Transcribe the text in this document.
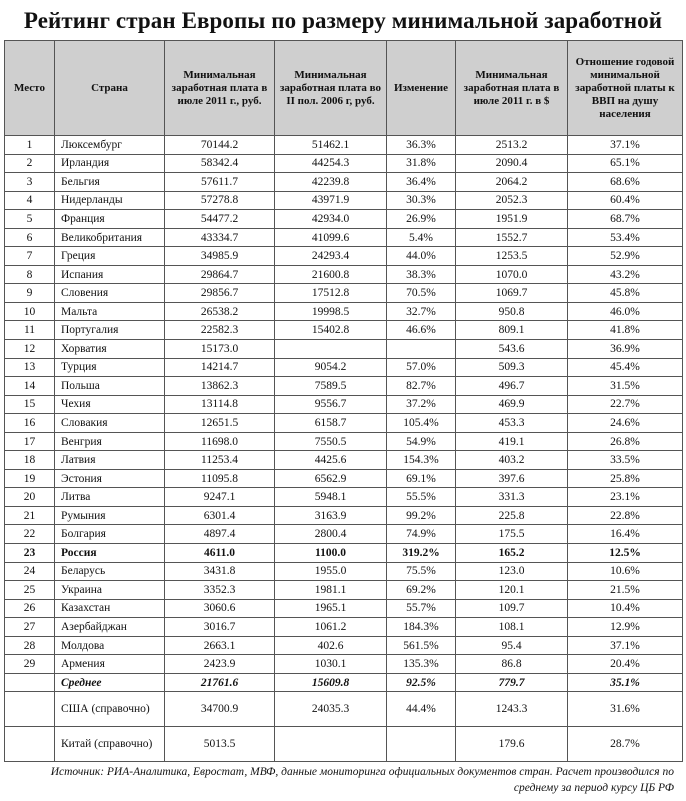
Рейтинг стран Европы по размеру минимальной заработной
Место	Страна	Минимальная заработная плата в июле 2011 г., руб.	Минимальная заработная плата во II пол. 2006 г, руб.	Изменение	Минимальная заработная плата в июле 2011 г. в $	Отношение годовой минимальной заработной платы к ВВП на душу населения
1	Люксембург	70144.2	51462.1	36.3%	2513.2	37.1%
2	Ирландия	58342.4	44254.3	31.8%	2090.4	65.1%
3	Бельгия	57611.7	42239.8	36.4%	2064.2	68.6%
4	Нидерланды	57278.8	43971.9	30.3%	2052.3	60.4%
5	Франция	54477.2	42934.0	26.9%	1951.9	68.7%
6	Великобритания	43334.7	41099.6	5.4%	1552.7	53.4%
7	Греция	34985.9	24293.4	44.0%	1253.5	52.9%
8	Испания	29864.7	21600.8	38.3%	1070.0	43.2%
9	Словения	29856.7	17512.8	70.5%	1069.7	45.8%
10	Мальта	26538.2	19998.5	32.7%	950.8	46.0%
11	Португалия	22582.3	15402.8	46.6%	809.1	41.8%
12	Хорватия	15173.0			543.6	36.9%
13	Турция	14214.7	9054.2	57.0%	509.3	45.4%
14	Польша	13862.3	7589.5	82.7%	496.7	31.5%
15	Чехия	13114.8	9556.7	37.2%	469.9	22.7%
16	Словакия	12651.5	6158.7	105.4%	453.3	24.6%
17	Венгрия	11698.0	7550.5	54.9%	419.1	26.8%
18	Латвия	11253.4	4425.6	154.3%	403.2	33.5%
19	Эстония	11095.8	6562.9	69.1%	397.6	25.8%
20	Литва	9247.1	5948.1	55.5%	331.3	23.1%
21	Румыния	6301.4	3163.9	99.2%	225.8	22.8%
22	Болгария	4897.4	2800.4	74.9%	175.5	16.4%
23	Россия	4611.0	1100.0	319.2%	165.2	12.5%
24	Беларусь	3431.8	1955.0	75.5%	123.0	10.6%
25	Украина	3352.3	1981.1	69.2%	120.1	21.5%
26	Казахстан	3060.6	1965.1	55.7%	109.7	10.4%
27	Азербайджан	3016.7	1061.2	184.3%	108.1	12.9%
28	Молдова	2663.1	402.6	561.5%	95.4	37.1%
29	Армения	2423.9	1030.1	135.3%	86.8	20.4%
	Среднее	21761.6	15609.8	92.5%	779.7	35.1%
	США (справочно)	34700.9	24035.3	44.4%	1243.3	31.6%
	Китай (справочно)	5013.5			179.6	28.7%
Источник: РИА-Аналитика, Евростат, МВФ, данные мониторинга официальных документов стран. Расчет производился по среднему за период курсу ЦБ РФ
